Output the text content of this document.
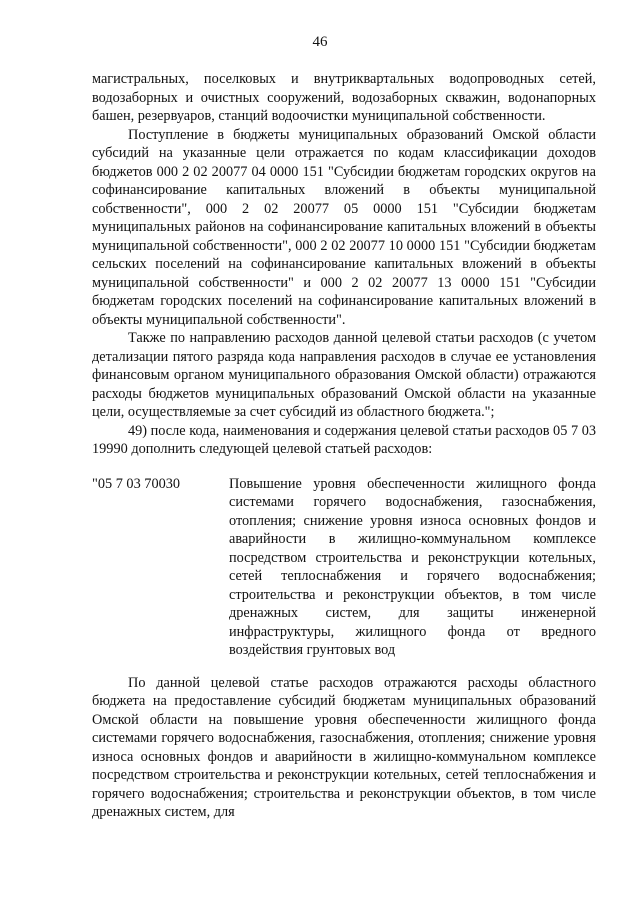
46

магистральных, поселковых и внутриквартальных водопроводных сетей, водозаборных и очистных сооружений, водозаборных скважин, водонапорных башен, резервуаров, станций водоочистки муниципальной собственности.

Поступление в бюджеты муниципальных образований Омской области субсидий на указанные цели отражается по кодам классификации доходов бюджетов 000 2 02 20077 04 0000 151 "Субсидии бюджетам городских округов на софинансирование капитальных вложений в объекты муниципальной собственности", 000 2 02 20077 05 0000 151 "Субсидии бюджетам муниципальных районов на софинансирование капитальных вложений в объекты муниципальной собственности", 000 2 02 20077 10 0000 151 "Субсидии бюджетам сельских поселений на софинансирование капитальных вложений в объекты муниципальной собственности" и 000 2 02 20077 13 0000 151 "Субсидии бюджетам городских поселений на софинансирование капитальных вложений в объекты муниципальной собственности".

Также по направлению расходов данной целевой статьи расходов (с учетом детализации пятого разряда кода направления расходов в случае ее установления финансовым органом муниципального образования Омской области) отражаются расходы бюджетов муниципальных образований Омской области на указанные цели, осуществляемые за счет субсидий из областного бюджета.";

49) после кода, наименования и содержания целевой статьи расходов 05 7 03 19990 дополнить следующей целевой статьей расходов:

"05 7 03 70030	Повышение уровня обеспеченности жилищного фонда системами горячего водоснабжения, газоснабжения, отопления; снижение уровня износа основных фондов и аварийности в жилищно-коммунальном комплексе посредством строительства и реконструкции котельных, сетей теплоснабжения и горячего водоснабжения; строительства и реконструкции объектов, в том числе дренажных систем, для защиты инженерной инфраструктуры, жилищного фонда от вредного воздействия грунтовых вод

По данной целевой статье расходов отражаются расходы областного бюджета на предоставление субсидий бюджетам муниципальных образований Омской области на повышение уровня обеспеченности жилищного фонда системами горячего водоснабжения, газоснабжения, отопления; снижение уровня износа основных фондов и аварийности в жилищно-коммунальном комплексе посредством строительства и реконструкции котельных, сетей теплоснабжения и горячего водоснабжения; строительства и реконструкции объектов, в том числе дренажных систем, для
